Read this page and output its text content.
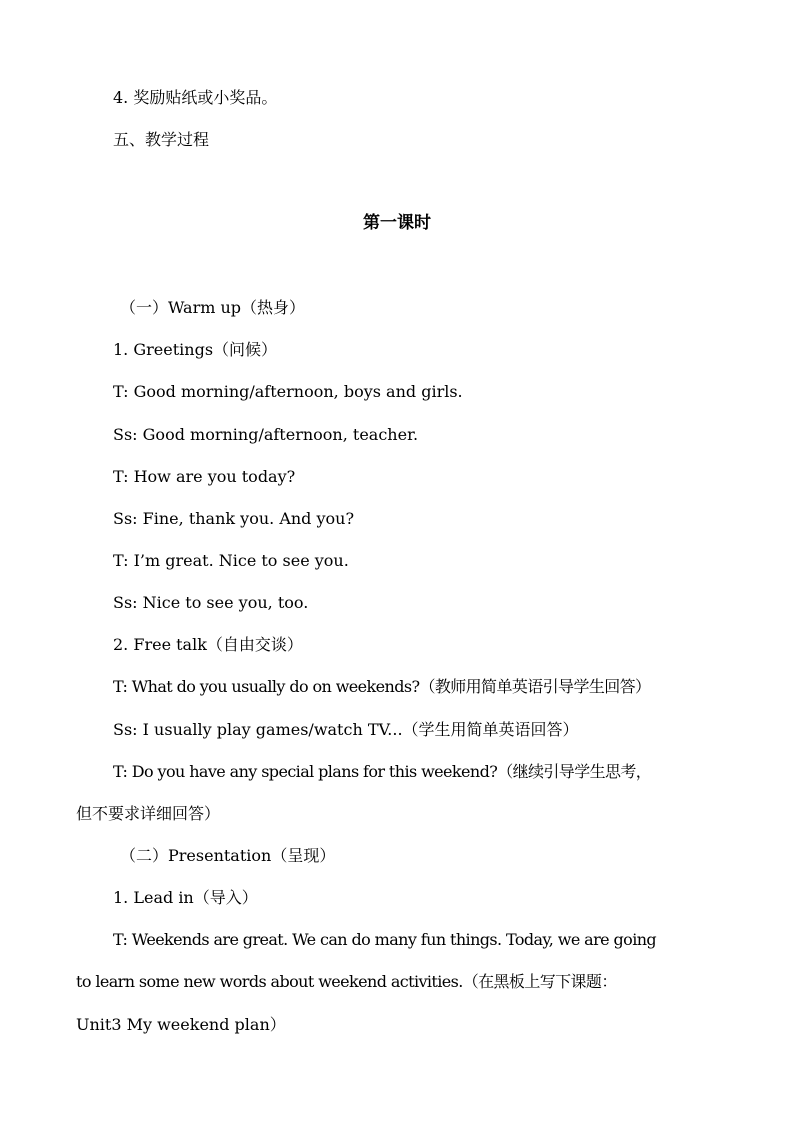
4. 奖励贴纸或小奖品。
五、教学过程
第一课时
（一）Warm up（热身）
1. Greetings（问候）
T: Good morning/afternoon, boys and girls.
Ss: Good morning/afternoon, teacher.
T: How are you today?
Ss: Fine, thank you. And you?
T: I’m great. Nice to see you.
Ss: Nice to see you, too.
2. Free talk（自由交谈）
T: What do you usually do on weekends?（教师用简单英语引导学生回答）
Ss: I usually play games/watch TV...（学生用简单英语回答）
T: Do you have any special plans for this weekend?（继续引导学生思考，
但不要求详细回答）
（二）Presentation（呈现）
1. Lead in（导入）
T: Weekends are great. We can do many fun things. Today, we are going
to learn some new words about weekend activities.（在黑板上写下课题：
Unit3 My weekend plan）
